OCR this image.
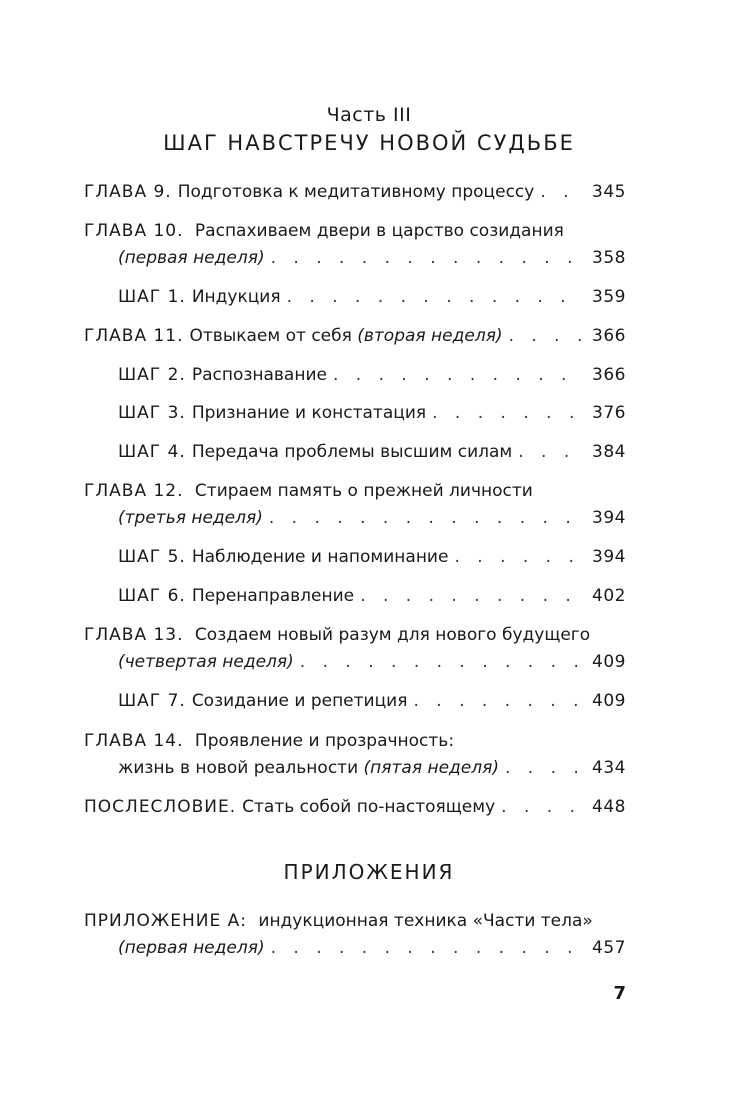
Часть III
ШАГ НАВСТРЕЧУ НОВОЙ СУДЬБЕ
ГЛАВА 9. Подготовка к медитативному процессу . . .	345
ГЛАВА 10. Распахиваем двери в царство созидания
(первая неделя) . . .	358
ШАГ 1. Индукция . . .	359
ГЛАВА 11. Отвыкаем от себя
(вторая неделя) . . .	366
ШАГ 2. Распознавание . . .	366
ШАГ 3. Признание и констатация . . .	376
ШАГ 4. Передача проблемы высшим силам . . .	384
ГЛАВА 12. Стираем память о прежней личности
(третья неделя) . . .	394
ШАГ 5. Наблюдение и напоминание . . .	394
ШАГ 6. Перенаправление . . .	402
ГЛАВА 13. Создаем новый разум для нового будущего
(четвертая неделя) . . .	409
ШАГ 7. Созидание и репетиция . . .	409
ГЛАВА 14. Проявление и прозрачность:
жизнь в новой реальности
(пятая неделя) . . .	434
ПОСЛЕСЛОВИЕ. Стать собой по-настоящему . . .	448
ПРИЛОЖЕНИЯ
ПРИЛОЖЕНИЕ А: индукционная техника «Части тела»
(первая неделя) . . .	457
7
